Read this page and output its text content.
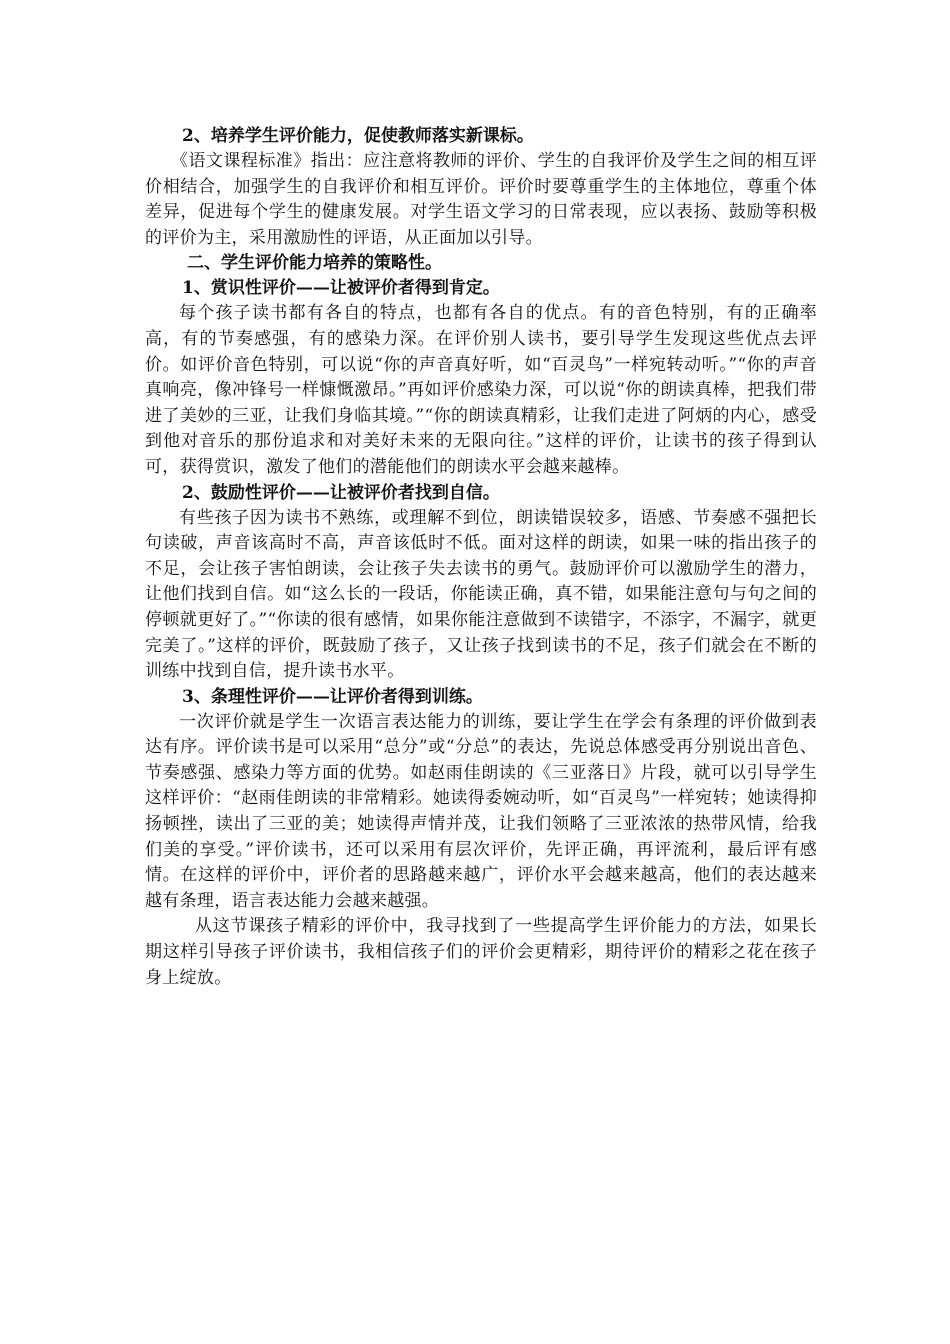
2、培养学生评价能力，促使教师落实新课标。

《语文课程标准》指出：应注意将教师的评价、学生的自我评价及学生之间的相互评价相结合，加强学生的自我评价和相互评价。评价时要尊重学生的主体地位，尊重个体差异，促进每个学生的健康发展。对学生语文学习的日常表现，应以表扬、鼓励等积极的评价为主，采用激励性的评语，从正面加以引导。

二、学生评价能力培养的策略性。

1、赏识性评价——让被评价者得到肯定。

每个孩子读书都有各自的特点，也都有各自的优点。有的音色特别，有的正确率高，有的节奏感强，有的感染力深。在评价别人读书，要引导学生发现这些优点去评价。如评价音色特别，可以说“你的声音真好听，如“百灵鸟”一样宛转动听。”“你的声音真响亮，像冲锋号一样慷慨激昂。”再如评价感染力深，可以说“你的朗读真棒，把我们带进了美妙的三亚，让我们身临其境。”“你的朗读真精彩，让我们走进了阿炳的内心，感受到他对音乐的那份追求和对美好未来的无限向往。”这样的评价，让读书的孩子得到认可，获得赏识，激发了他们的潜能他们的朗读水平会越来越棒。

2、鼓励性评价——让被评价者找到自信。

有些孩子因为读书不熟练，或理解不到位，朗读错误较多，语感、节奏感不强把长句读破，声音该高时不高，声音该低时不低。面对这样的朗读，如果一味的指出孩子的不足，会让孩子害怕朗读，会让孩子失去读书的勇气。鼓励评价可以激励学生的潜力，让他们找到自信。如“这么长的一段话，你能读正确，真不错，如果能注意句与句之间的停顿就更好了。”“你读的很有感情，如果你能注意做到不读错字，不添字，不漏字，就更完美了。”这样的评价，既鼓励了孩子，又让孩子找到读书的不足，孩子们就会在不断的训练中找到自信，提升读书水平。

3、条理性评价——让评价者得到训练。

一次评价就是学生一次语言表达能力的训练，要让学生在学会有条理的评价做到表达有序。评价读书是可以采用“总分”或“分总”的表达，先说总体感受再分别说出音色、节奏感强、感染力等方面的优势。如赵雨佳朗读的《三亚落日》片段，就可以引导学生这样评价：“赵雨佳朗读的非常精彩。她读得委婉动听，如“百灵鸟”一样宛转；她读得抑扬顿挫，读出了三亚的美；她读得声情并茂，让我们领略了三亚浓浓的热带风情，给我们美的享受。”评价读书，还可以采用有层次评价，先评正确，再评流利，最后评有感情。在这样的评价中，评价者的思路越来越广，评价水平会越来越高，他们的表达越来越有条理，语言表达能力会越来越强。

从这节课孩子精彩的评价中，我寻找到了一些提高学生评价能力的方法，如果长期这样引导孩子评价读书，我相信孩子们的评价会更精彩，期待评价的精彩之花在孩子身上绽放。
